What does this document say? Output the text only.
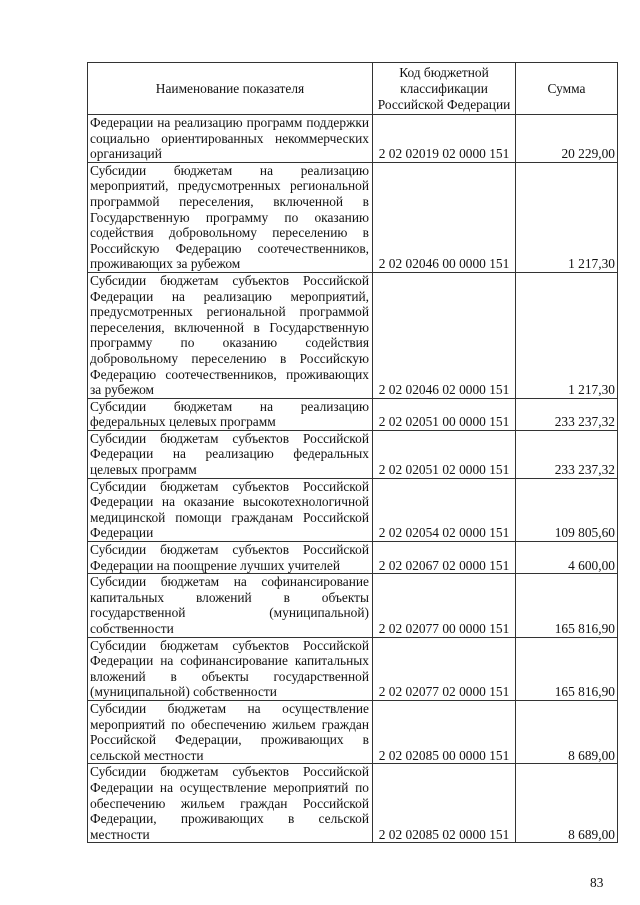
Наименование показателя	Код бюджетной классификации Российской Федерации	Сумма
Федерации на реализацию программ поддержки социально ориентированных некоммерческих организаций	2 02 02019 02 0000 151	20 229,00
Субсидии бюджетам на реализацию мероприятий, предусмотренных региональной программой переселения, включенной в Государственную программу по оказанию содействия добровольному переселению в Российскую Федерацию соотечественников, проживающих за рубежом	2 02 02046 00 0000 151	1 217,30
Субсидии бюджетам субъектов Российской Федерации на реализацию мероприятий, предусмотренных региональной программой переселения, включенной в Государственную программу по оказанию содействия добровольному переселению в Российскую Федерацию соотечественников, проживающих за рубежом	2 02 02046 02 0000 151	1 217,30
Субсидии бюджетам на реализацию федеральных целевых программ	2 02 02051 00 0000 151	233 237,32
Субсидии бюджетам субъектов Российской Федерации на реализацию федеральных целевых программ	2 02 02051 02 0000 151	233 237,32
Субсидии бюджетам субъектов Российской Федерации на оказание высокотехнологичной медицинской помощи гражданам Российской Федерации	2 02 02054 02 0000 151	109 805,60
Субсидии бюджетам субъектов Российской Федерации на поощрение лучших учителей	2 02 02067 02 0000 151	4 600,00
Субсидии бюджетам на софинансирование капитальных вложений в объекты государственной (муниципальной) собственности	2 02 02077 00 0000 151	165 816,90
Субсидии бюджетам субъектов Российской Федерации на софинансирование капитальных вложений в объекты государственной (муниципальной) собственности	2 02 02077 02 0000 151	165 816,90
Субсидии бюджетам на осуществление мероприятий по обеспечению жильем граждан Российской Федерации, проживающих в сельской местности	2 02 02085 00 0000 151	8 689,00
Субсидии бюджетам субъектов Российской Федерации на осуществление мероприятий по обеспечению жильем граждан Российской Федерации, проживающих в сельской местности	2 02 02085 02 0000 151	8 689,00
83
